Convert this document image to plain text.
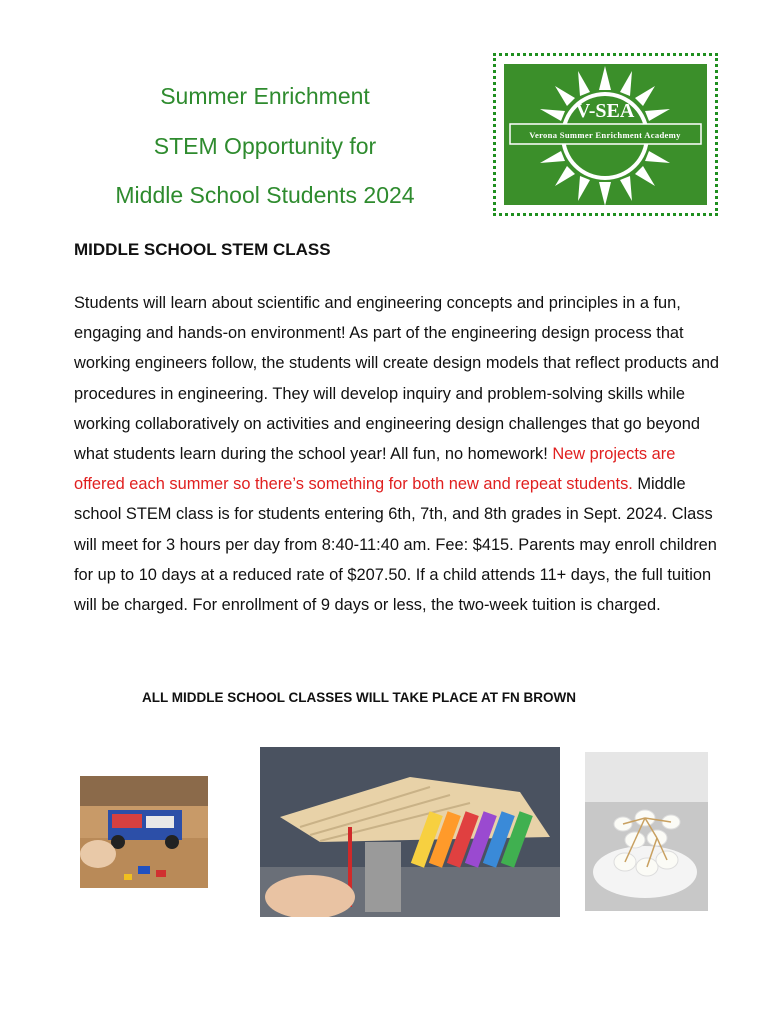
Summer Enrichment
STEM Opportunity for
Middle School Students 2024
V-SEA
Verona Summer Enrichment Academy
MIDDLE SCHOOL STEM CLASS
Students will learn about scientific and engineering concepts and principles in a fun, engaging and hands-on environment! As part of the engineering design process that working engineers follow, the students will create design models that reflect products and procedures in engineering. They will develop inquiry and problem-solving skills while working collaboratively on activities and engineering design challenges that go beyond what students learn during the school year! All fun, no homework! New projects are offered each summer so there’s something for both new and repeat students. Middle school STEM class is for students entering 6th, 7th, and 8th grades in Sept. 2024. Class will meet for 3 hours per day from 8:40-11:40 am. Fee: $415. Parents may enroll children for up to 10 days at a reduced rate of $207.50. If a child attends 11+ days, the full tuition will be charged. For enrollment of 9 days or less, the two-week tuition is charged.
ALL MIDDLE SCHOOL CLASSES WILL TAKE PLACE AT FN BROWN
